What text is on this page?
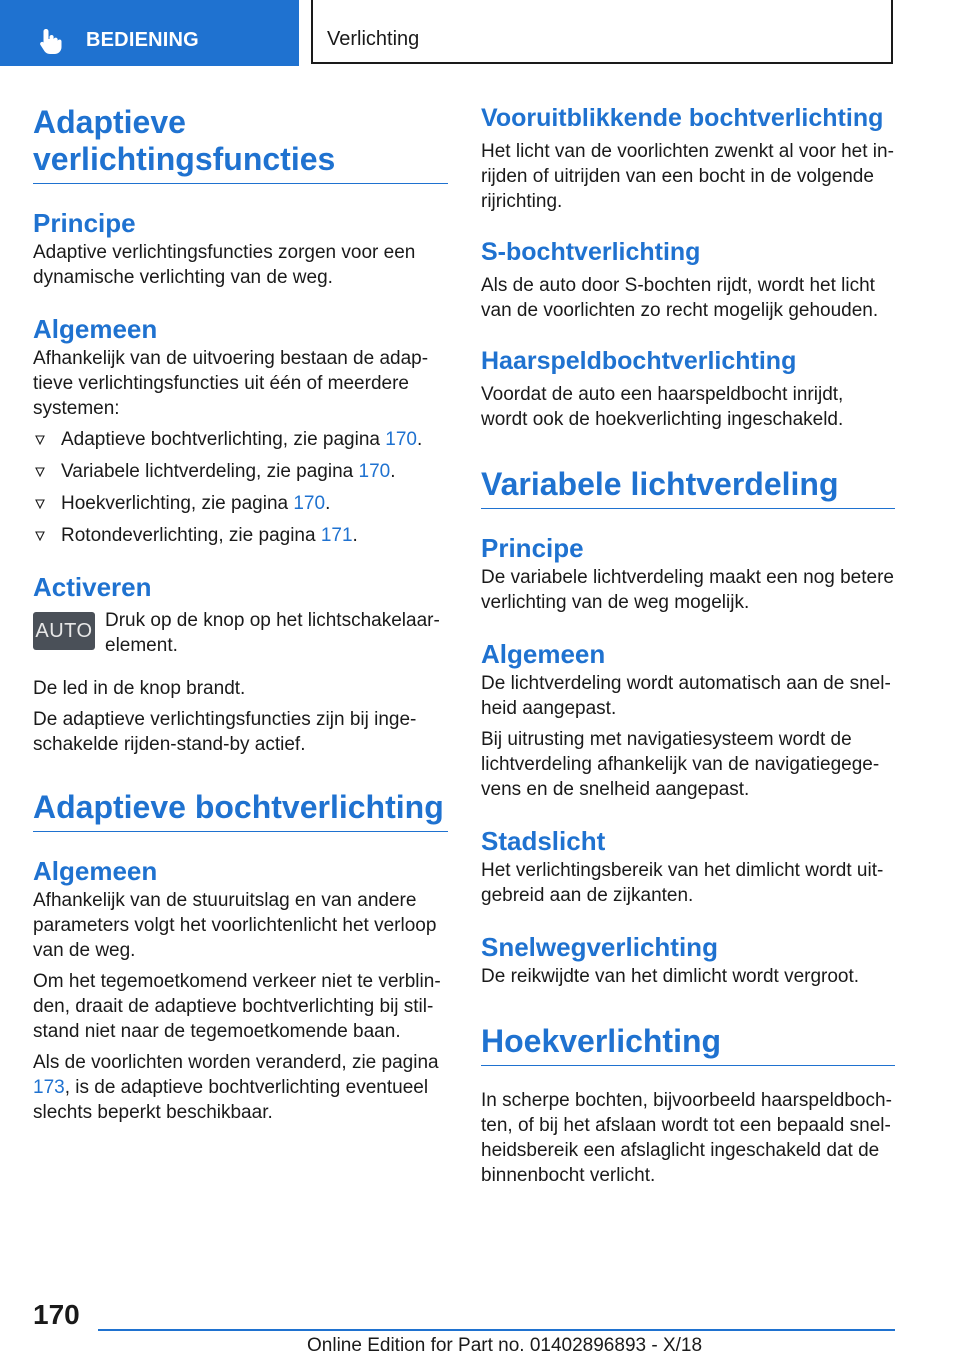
BEDIENING	Verlichting
Adaptieve
verlichtingsfuncties
Principe

Adaptive verlichtingsfuncties zorgen voor een dynamische verlichting van de weg.

Algemeen

Afhankelijk van de uitvoering bestaan de adaptieve verlichtingsfuncties uit één of meerdere systemen:

Adaptieve bochtverlichting, zie pagina 170.
Variabele lichtverdeling, zie pagina 170.
Hoekverlichting, zie pagina 170.
Rotondeverlichting, zie pagina 171.
Activeren
AUTO Druk op de knop op het lichtschakelaarelement.

De led in de knop brandt.

De adaptieve verlichtingsfuncties zijn bij ingeschakelde rijden-stand-by actief.

Adaptieve bochtverlichting
Algemeen

Afhankelijk van de stuuruitslag en van andere parameters volgt het voorlichtenlicht het verloop van de weg.

Om het tegemoetkomend verkeer niet te verblinden, draait de adaptieve bochtverlichting bij stilstand niet naar de tegemoetkomende baan.

Als de voorlichten worden veranderd, zie pagina 173, is de adaptieve bochtverlichting eventueel slechts beperkt beschikbaar.

Vooruitblikkende bochtverlichting

Het licht van de voorlichten zwenkt al voor het inrijden of uitrijden van een bocht in de volgende rijrichting.

S-bochtverlichting

Als de auto door S-bochten rijdt, wordt het licht van de voorlichten zo recht mogelijk gehouden.

Haarspeldbochtverlichting

Voordat de auto een haarspeldbocht inrijdt, wordt ook de hoekverlichting ingeschakeld.

Variabele lichtverdeling
Principe

De variabele lichtverdeling maakt een nog betere verlichting van de weg mogelijk.

Algemeen

De lichtverdeling wordt automatisch aan de snelheid aangepast.

Bij uitrusting met navigatiesysteem wordt de lichtverdeling afhankelijk van de navigatiegegevens en de snelheid aangepast.

Stadslicht

Het verlichtingsbereik van het dimlicht wordt uitgebreid aan de zijkanten.

Snelwegverlichting

De reikwijdte van het dimlicht wordt vergroot.

Hoekverlichting

In scherpe bochten, bijvoorbeeld haarspeldbochten, of bij het afslaan wordt tot een bepaald snelheidsbereik een afslaglicht ingeschakeld dat de binnenbocht verlicht.

170
Online Edition for Part no. 01402896893 - X/18
